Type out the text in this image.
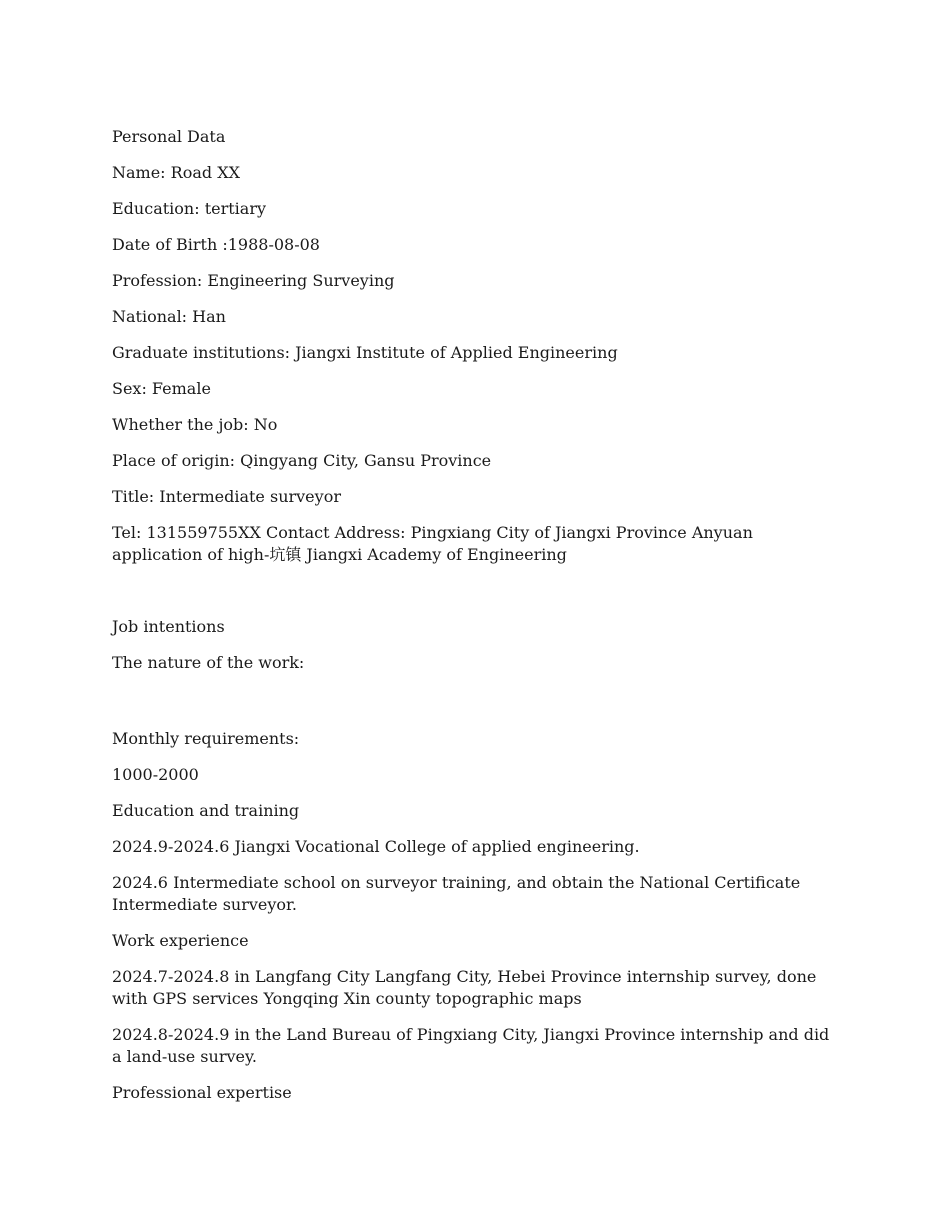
Personal Data

Name: Road XX

Education: tertiary

Date of Birth :1988-08-08

Profession: Engineering Surveying

National: Han

Graduate institutions: Jiangxi Institute of Applied Engineering

Sex: Female

Whether the job: No

Place of origin: Qingyang City, Gansu Province

Title: Intermediate surveyor

Tel: 131559755XX Contact Address: Pingxiang City of Jiangxi Province Anyuan application of high-坑镇 Jiangxi Academy of Engineering

Job intentions

The nature of the work:

Monthly requirements:

1000-2000

Education and training

2024.9-2024.6 Jiangxi Vocational College of applied engineering.

2024.6 Intermediate school on surveyor training, and obtain the National Certificate Intermediate surveyor.

Work experience

2024.7-2024.8 in Langfang City Langfang City, Hebei Province internship survey, done with GPS services Yongqing Xin county topographic maps

2024.8-2024.9 in the Land Bureau of Pingxiang City, Jiangxi Province internship and did a land-use survey.

Professional expertise
